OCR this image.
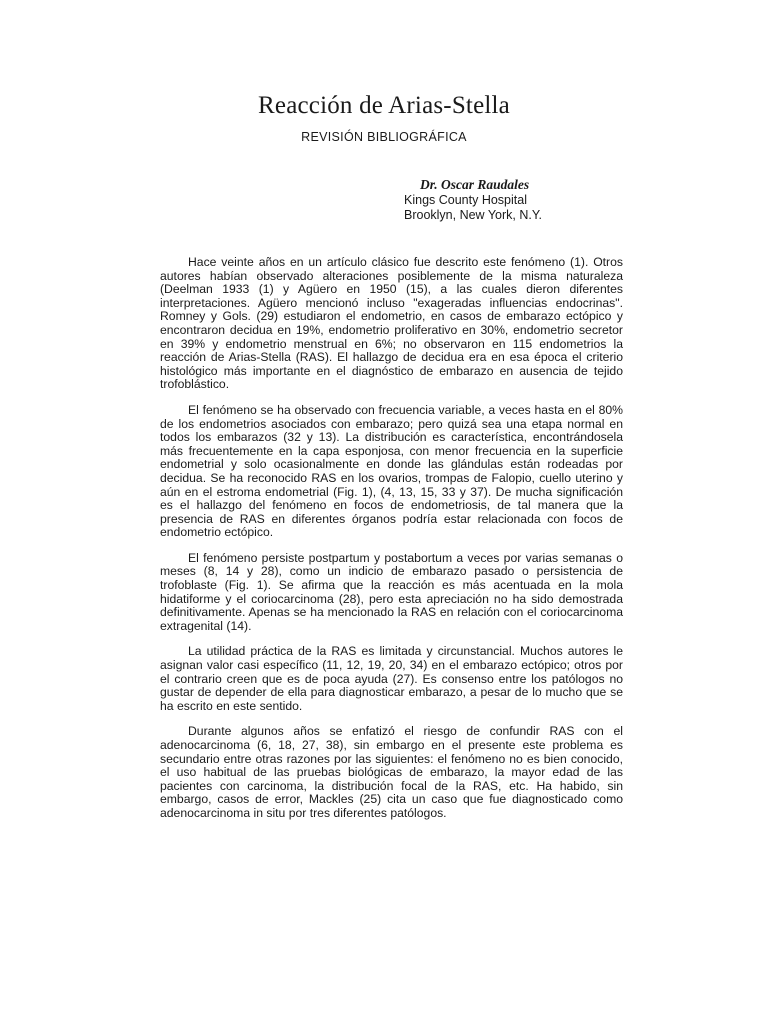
Reacción de Arias-Stella
REVISIÓN BIBLIOGRÁFICA
Dr. Oscar Raudales
Kings County Hospital
Brooklyn, New York, N.Y.

Hace veinte años en un artículo clásico fue descrito este fenómeno (1). Otros autores habían observado alteraciones posiblemente de la misma naturaleza (Deelman 1933 (1) y Agüero en 1950 (15), a las cuales dieron diferentes interpretaciones. Agüero mencionó incluso "exageradas influencias endocrinas". Romney y Gols. (29) estudiaron el endometrio, en casos de embarazo ectópico y encontraron decidua en 19%, endometrio proliferativo en 30%, endometrio secretor en 39% y endometrio menstrual en 6%; no observaron en 115 endometrios la reacción de Arias-Stella (RAS). El hallazgo de decidua era en esa época el criterio histológico más importante en el diagnóstico de embarazo en ausencia de tejido trofoblástico.

El fenómeno se ha observado con frecuencia variable, a veces hasta en el 80% de los endometrios asociados con embarazo; pero quizá sea una etapa normal en todos los embarazos (32 y 13). La distribución es característica, encontrándosela más frecuentemente en la capa esponjosa, con menor frecuencia en la superficie endometrial y solo ocasionalmente en donde las glándulas están rodeadas por decidua. Se ha reconocido RAS en los ovarios, trompas de Falopio, cuello uterino y aún en el estroma endometrial (Fig. 1), (4, 13, 15, 33 y 37). De mucha significación es el hallazgo del fenómeno en focos de endometriosis, de tal manera que la presencia de RAS en diferentes órganos podría estar relacionada con focos de endometrio ectópico.

El fenómeno persiste postpartum y postabortum a veces por varias semanas o meses (8, 14 y 28), como un indicio de embarazo pasado o persistencia de trofoblaste (Fig. 1). Se afirma que la reacción es más acentuada en la mola hidatiforme y el coriocarcinoma (28), pero esta apreciación no ha sido demostrada definitivamente. Apenas se ha mencionado la RAS en relación con el coriocarcinoma extragenital (14).

La utilidad práctica de la RAS es limitada y circunstancial. Muchos autores le asignan valor casi específico (11, 12, 19, 20, 34) en el embarazo ectópico; otros por el contrario creen que es de poca ayuda (27). Es consenso entre los patólogos no gustar de depender de ella para diagnosticar embarazo, a pesar de lo mucho que se ha escrito en este sentido.

Durante algunos años se enfatizó el riesgo de confundir RAS con el adenocarcinoma (6, 18, 27, 38), sin embargo en el presente este problema es secundario entre otras razones por las siguientes: el fenómeno no es bien conocido, el uso habitual de las pruebas biológicas de embarazo, la mayor edad de las pacientes con carcinoma, la distribución focal de la RAS, etc. Ha habido, sin embargo, casos de error, Mackles (25) cita un caso que fue diagnosticado como adenocarcinoma in situ por tres diferentes patólogos.
